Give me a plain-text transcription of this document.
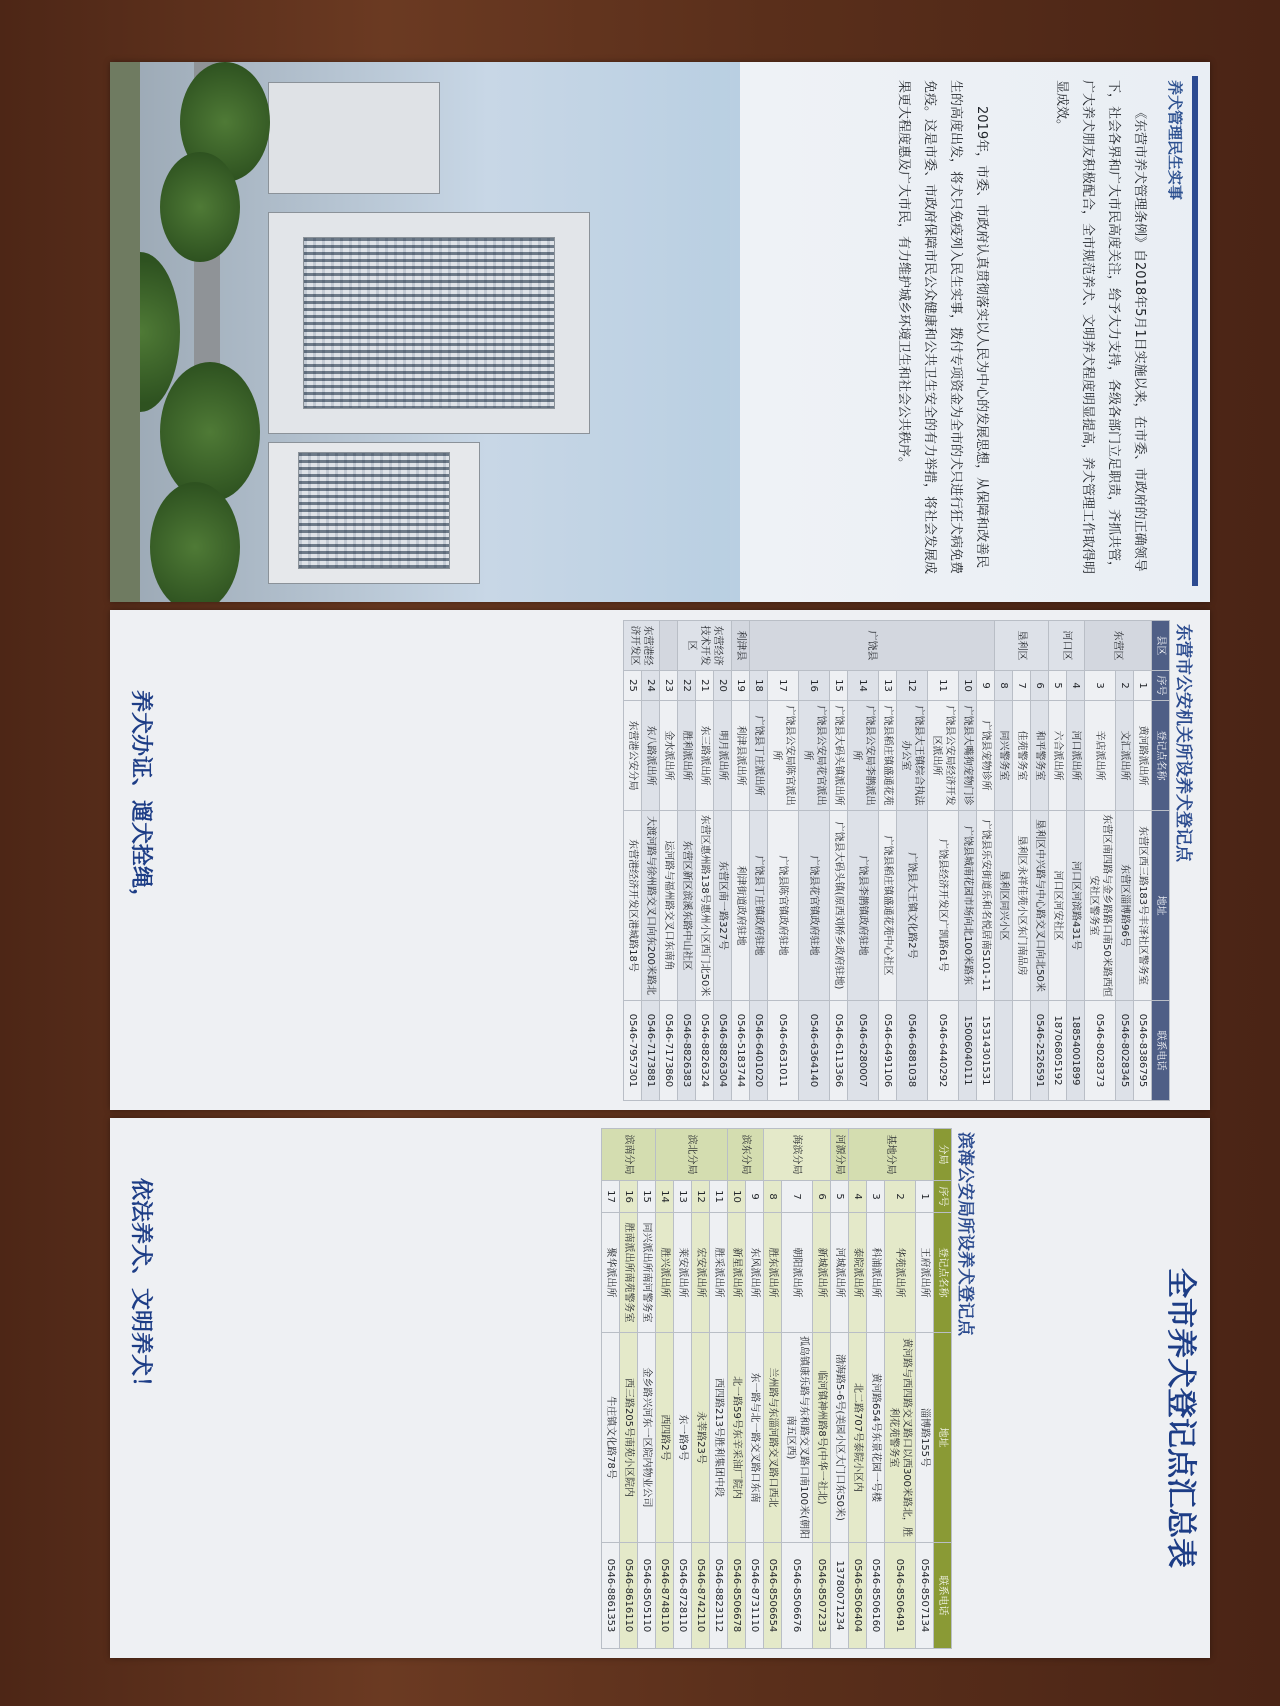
养犬管理民生实事
《东营市养犬管理条例》自2018年5月1日实施以来，在市委、市政府的正确领导下，社会各界和广大市民高度关注，给予大力支持，各级各部门立足职责，齐抓共管，广大养犬朋友积极配合，全市规范养犬、文明养犬程度明显提高，养犬管理工作取得明显成效。
2019年，市委、市政府认真贯彻落实以人民为中心的发展思想，从保障和改善民生的高度出发，将犬只免疫列入民生实事，拨付专项资金为全市的犬只进行狂犬病免费免疫。这是市委、市政府保障市民公众健康和公共卫生安全的有力举措，将社会发展成果更大程度惠及广大市民，有力维护城乡环境卫生和社会公共秩序。
东营市公安机关所设养犬登记点
县区	序号	登记点名称	地址	联系电话
东营区	1	黄河路派出所	东营区西三路183号丰泽社区警务室	0546-8386795
	2	文汇派出所	东营区淄博路96号	0546-8028345
	3	辛店派出所	东营区南四路与金乡路路口南50米路西恒安社区警务室	0546-8028373
河口区	4	河口派出所	河口区河滨路431号	18854001899
	5	六合派出所	河口区河安社区	18706805192
垦利区	6	和平警务室	垦利区中兴路与中心路交叉口向北50米	0546-2526591
	7	佳苑警务室	垦利区永祥佳苑小区东门南品房	
	8	同兴警务室	垦利区同兴小区	
广饶县	9	广饶县宠物诊所	广饶县乐安街道乐和名悦居南S101-11	15314301531
	10	广饶县大嘴狗宠物门诊	广饶县城南花园市场向北100米路东	15006040111
	11	广饶县公安局经济开发区派出所	广饶县经济开发区广凯路61号	0546-6440292
	12	广饶县大王镇综合执法办公室	广饶县大王镇文化路2号	0546-6881038
	13	广饶县稻庄镇盛通花苑	广饶县稻庄镇盛通花苑中心社区	0546-6491106
	14	广饶县公安局李鹊派出所	广饶县李鹊镇政府驻地	0546-6280007
	15	广饶县大码头镇派出所	广饶县大码头镇(原西刘桥乡政府驻地)	0546-6113366
	16	广饶县公安局花官派出所	广饶县花官镇政府驻地	0546-6364140
	17	广饶县公安局陈官派出所	广饶县陈官镇政府驻地	0546-6631011
	18	广饶县丁庄派出所	广饶县丁庄镇政府驻地	0546-6401020
利津县	19	利津县派出所	利津街道政府驻地	0546-5183744
东营经济技术开发区	20	明月派出所	东营区南一路327号	0546-8826304
	21	东三路派出所	东营区惠州路138号惠州小区西门北50米	0546-8826324
	22	胜利派出所	东营区新区滨溪东路中山社区	0546-8826383
	23	金水派出所	运河路与福州路交叉口东南角	0546-7173860
东营港经济开发区	24	东八路派出所	大渡河路与徐州路交叉口向东200米路北	0546-7173881
	25	东营港公安分局	东营港经济开发区港城路18号	0546-7957301
养犬办证、遛犬拴绳，
全市养犬登记点汇总表
滨海公安局所设养犬登记点
分局	序号	登记点名称	地址	联系电话
基地分局	1	王府派出所	淄博路155号	0546-8507134
	2	华苑派出所	黄河路与西四路交叉路口以西300米路北，胜利花苑警务室	0546-8506491
	3	科浦派出所	黄河路654号东景花园一号楼	0546-8506160
	4	泰院派出所	北二路707号泰院小区内	0546-8506404
河源分局	5	河城派出所	渤海路5-6号(美园小区大门口东50米)	13780071234
海滨分局	6	新城派出所	临河镇神州路8号(中华一社北)	0546-8507233
	7	朝阳派出所	孤岛镇康乐路与东和路交叉路口南100米(朝阳南五区西)	0546-8506676
	8	胜东派出所	兰州路与东淄河路交叉路口西北	0546-8506654
滨东分局	9	东风派出所	东一路与北一路交叉路口东南	0546-8731110
	10	新星派出所	北一路59号东辛采油厂院内	0546-8506678
滨北分局	11	胜采派出所	西四路213号胜利集团中段	0546-8823112
	12	宏安派出所	永莘路23号	0546-8742110
	13	莱安派出所	东一路9号	0546-8728110
	14	胜兴派出所	西四路2号	0546-8748110
滨南分局	15	同兴派出所南河警务室	金乡路兴河东一区院内物业公司	0546-8505110
	16	胜南派出所南苑警务室	西三路205号南苑小区院内	0546-8616110
	17	聚华派出所	牛庄镇文化路78号	0546-8861353
依法养犬、文明养犬！
